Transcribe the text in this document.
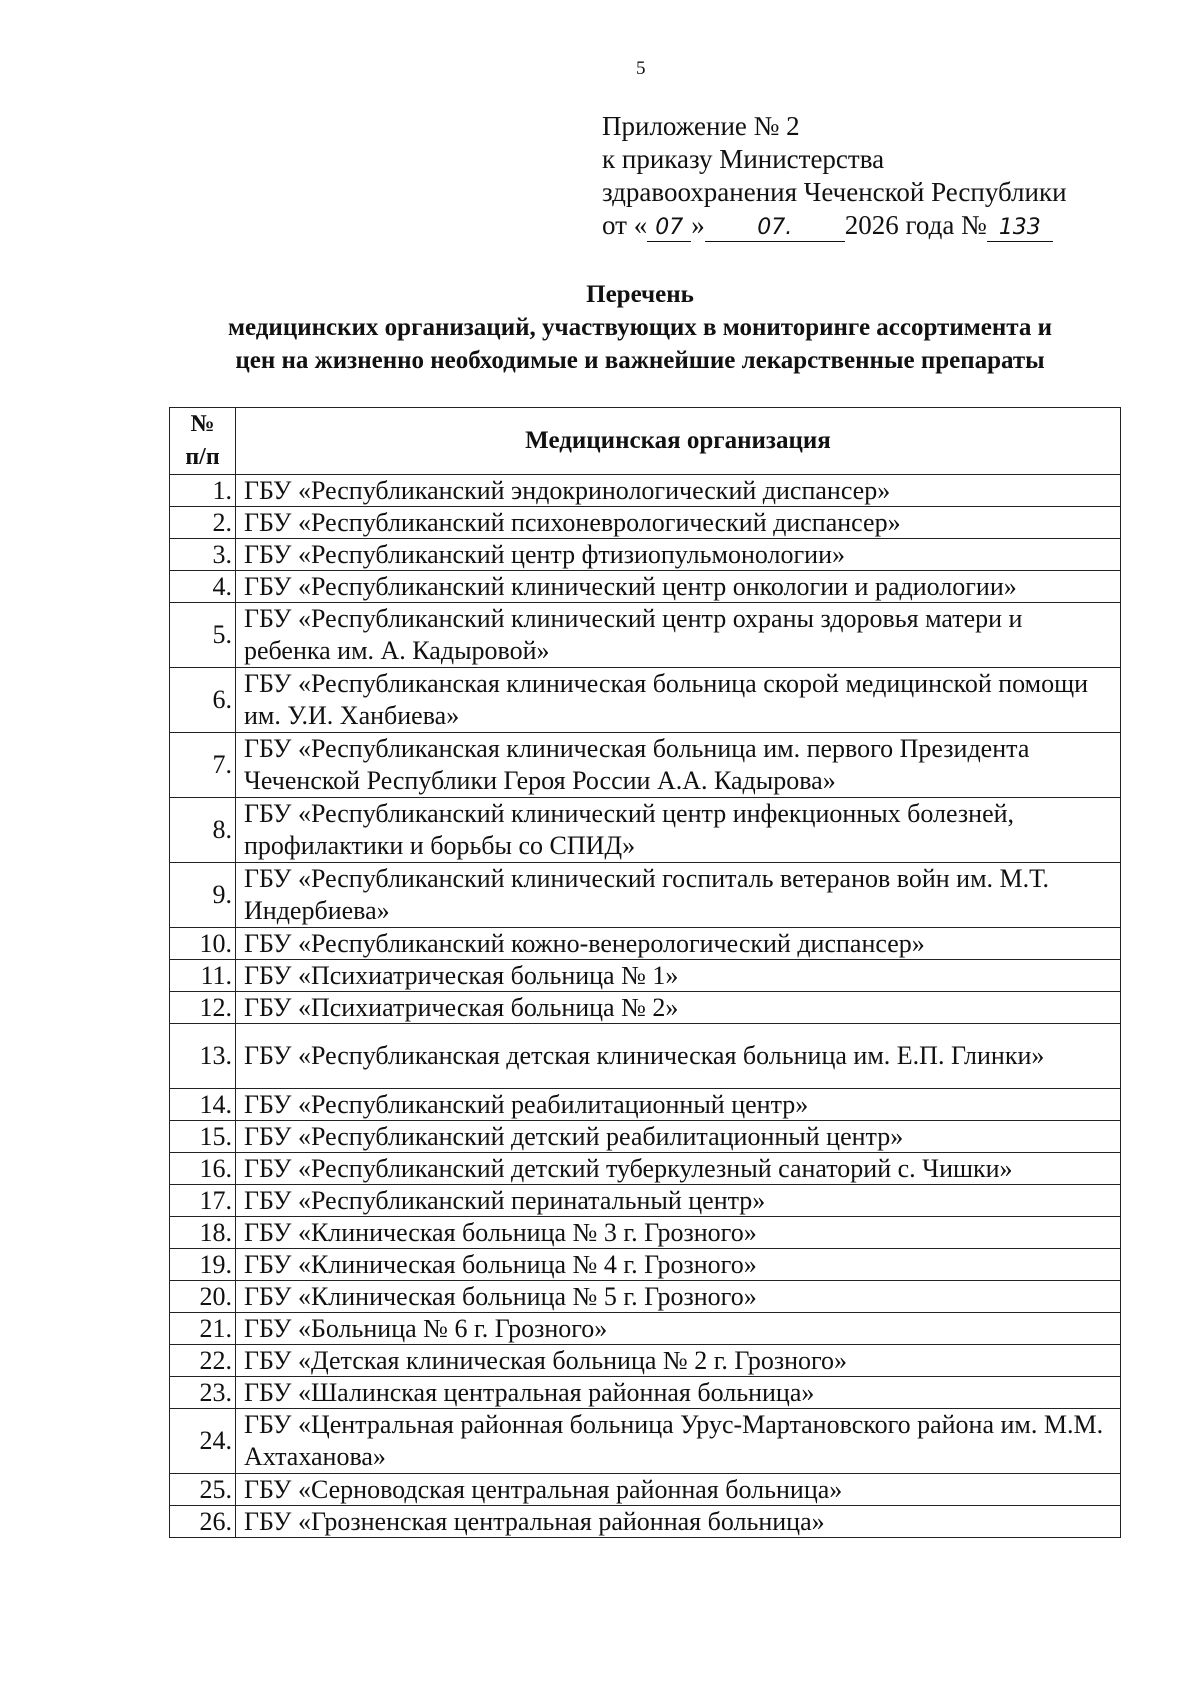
5
Приложение № 2
к приказу Министерства
здравоохранения Чеченской Республики
от « 07 » 07. 2026 года № 133
Перечень
медицинских организаций, участвующих в мониторинге ассортимента и
цен на жизненно необходимые и важнейшие лекарственные препараты
№
п/п	Медицинская организация
1.	ГБУ «Республиканский эндокринологический диспансер»
2.	ГБУ «Республиканский психоневрологический диспансер»
3.	ГБУ «Республиканский центр фтизиопульмонологии»
4.	ГБУ «Республиканский клинический центр онкологии и радиологии»
5.	ГБУ «Республиканский клинический центр охраны здоровья матери и ребенка им. А. Кадыровой»
6.	ГБУ «Республиканская клиническая больница скорой медицинской помощи им. У.И. Ханбиева»
7.	ГБУ «Республиканская клиническая больница им. первого Президента Чеченской Республики Героя России А.А. Кадырова»
8.	ГБУ «Республиканский клинический центр инфекционных болезней, профилактики и борьбы со СПИД»
9.	ГБУ «Республиканский клинический госпиталь ветеранов войн им. М.Т. Индербиева»
10.	ГБУ «Республиканский кожно-венерологический диспансер»
11.	ГБУ «Психиатрическая больница № 1»
12.	ГБУ «Психиатрическая больница № 2»
13.	ГБУ «Республиканская детская клиническая больница им. Е.П. Глинки»
14.	ГБУ «Республиканский реабилитационный центр»
15.	ГБУ «Республиканский детский реабилитационный центр»
16.	ГБУ «Республиканский детский туберкулезный санаторий с. Чишки»
17.	ГБУ «Республиканский перинатальный центр»
18.	ГБУ «Клиническая больница № 3 г. Грозного»
19.	ГБУ «Клиническая больница № 4 г. Грозного»
20.	ГБУ «Клиническая больница № 5 г. Грозного»
21.	ГБУ «Больница № 6 г. Грозного»
22.	ГБУ «Детская клиническая больница № 2 г. Грозного»
23.	ГБУ «Шалинская центральная районная больница»
24.	ГБУ «Центральная районная больница Урус-Мартановского района им. М.М. Ахтаханова»
25.	ГБУ «Серноводская центральная районная больница»
26.	ГБУ «Грозненская центральная районная больница»
